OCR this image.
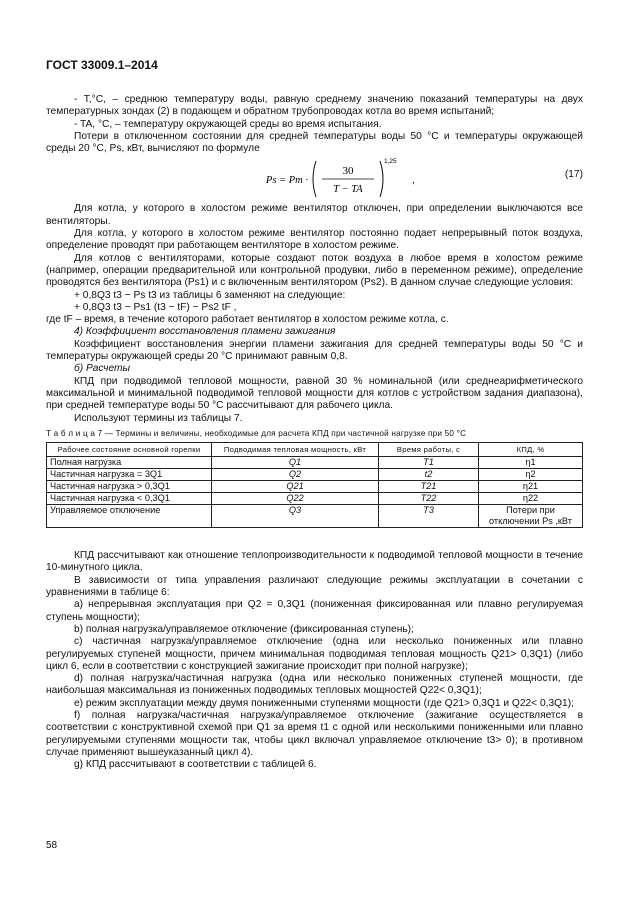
ГОСТ 33009.1–2014

- T,°C, – среднюю температуру воды, равную среднему значению показаний температуры на двух температурных зондах (2) в подающем и обратном трубопроводах котла во время испытаний;

- TA, °C, – температуру окружающей среды во время испытания.

Потери в отключенном состоянии для средней температуры воды 50 °С и температуры окружающей среды 20 °С, Ps, кВт, вычисляют по формуле

Ps = Pm ·
30
T − TA
1,25
,	(17)

Для котла, у которого в холостом режиме вентилятор отключен, при определении выключаются все вентиляторы.

Для котла, у которого в холостом режиме вентилятор постоянно подает непрерывный поток воздуха, определение проводят при работающем вентиляторе в холостом режиме.

Для котлов с вентиляторами, которые создают поток воздуха в любое время в холостом режиме (например, операции предварительной или контрольной продувки, либо в переменном режиме), определение проводятся без вентилятора (Ps1) и с включенным вентилятором (Ps2). В данном случае следующие условия:

+ 0,8Q3 t3 − Ps t3 из таблицы 6 заменяют на следующие:

+ 0,8Q3 t3 − Ps1 (t3 − tF) − Ps2 tF ,

где tF – время, в течение которого работает вентилятор в холостом режиме котла, с.

4) Коэффициент восстановления пламени зажигания

Коэффициент восстановления энергии пламени зажигания для средней температуры воды 50 °С и температуры окружающей среды 20 °С принимают равным 0,8.

б) Расчеты

КПД при подводимой тепловой мощности, равной 30 % номинальной (или среднеарифметического максимальной и минимальной подводимой тепловой мощности для котлов с устройством задания диапазона), при средней температуре воды 50 °С рассчитывают для рабочего цикла.

Используют термины из таблицы 7.

Т а б л и ц а 7 — Термины и величины, необходимые для расчета КПД при частичной нагрузке при 50 °С
Рабочее состояние основной горелки	Подводимая тепловая мощность, кВт	Время работы, с	КПД, %
Полная нагрузка	Q1	T1	η1
Частичная нагрузка = 3Q1	Q2	t2	η2
Частичная нагрузка > 0,3Q1	Q21	T21	η21
Частичная нагрузка < 0,3Q1	Q22	T22	η22
Управляемое отключение	Q3	T3	Потери при отключении Ps ,кВт

КПД рассчитывают как отношение теплопроизводительности к подводимой тепловой мощности в течение 10-минутного цикла.

В зависимости от типа управления различают следующие режимы эксплуатации в сочетании с уравнениями в таблице 6:

а) непрерывная эксплуатация при Q2 = 0,3Q1 (пониженная фиксированная или плавно регулируемая ступень мощности);

b) полная нагрузка/управляемое отключение (фиксированная ступень);

c) частичная нагрузка/управляемое отключение (одна или несколько пониженных или плавно регулируемых ступеней мощности, причем минимальная подводимая тепловая мощность Q21> 0,3Q1) (либо цикл 6, если в соответствии с конструкцией зажигание происходит при полной нагрузке);

d) полная нагрузка/частичная нагрузка (одна или несколько пониженных ступеней мощности, где наибольшая максимальная из пониженных подводимых тепловых мощностей Q22< 0,3Q1);

e) режим эксплуатации между двумя пониженными ступенями мощности (где Q21> 0,3Q1 и Q22< 0,3Q1);

f) полная нагрузка/частичная нагрузка/управляемое отключение (зажигание осуществляется в соответствии с конструктивной схемой при Q1 за время t1 с одной или несколькими пониженными или плавно регулируемыми ступенями мощности так, чтобы цикл включал управляемое отключение t3> 0); в противном случае применяют вышеуказанный цикл 4).

g) КПД рассчитывают в соответствии с таблицей 6.

58
